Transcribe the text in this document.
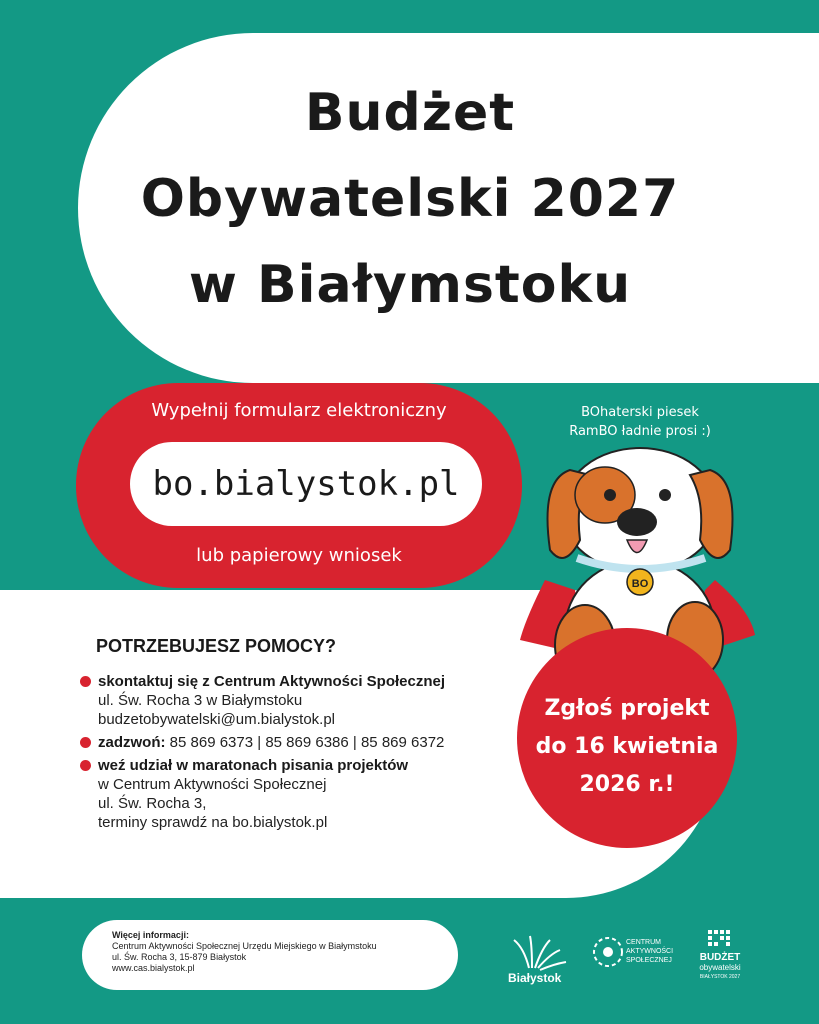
Budżet
Obywatelski 2027
w Białymstoku
Wypełnij formularz elektroniczny
bo.bialystok.pl
lub papierowy wniosek
BOhaterski piesek
RamBO ładnie prosi :)
BO
POTRZEBUJESZ POMOCY?
skontaktuj się z Centrum Aktywności Społecznej
ul. Św. Rocha 3 w Białymstoku
budzetobywatelski@um.bialystok.pl
zadzwoń: 85 869 6373 | 85 869 6386 | 85 869 6372
weź udział w maratonach pisania projektów
w Centrum Aktywności Społecznej
ul. Św. Rocha 3,
terminy sprawdź na bo.bialystok.pl
Zgłoś projekt
do 16 kwietnia
2026 r.!
Więcej informacji:
Centrum Aktywności Społecznej Urzędu Miejskiego w Białymstoku
ul. Św. Rocha 3, 15-879 Białystok
www.cas.bialystok.pl
Białystok
CENTRUM
AKTYWNOŚCI
SPOŁECZNEJ	BUDŻET
obywatelski
BIAŁYSTOK 2027
